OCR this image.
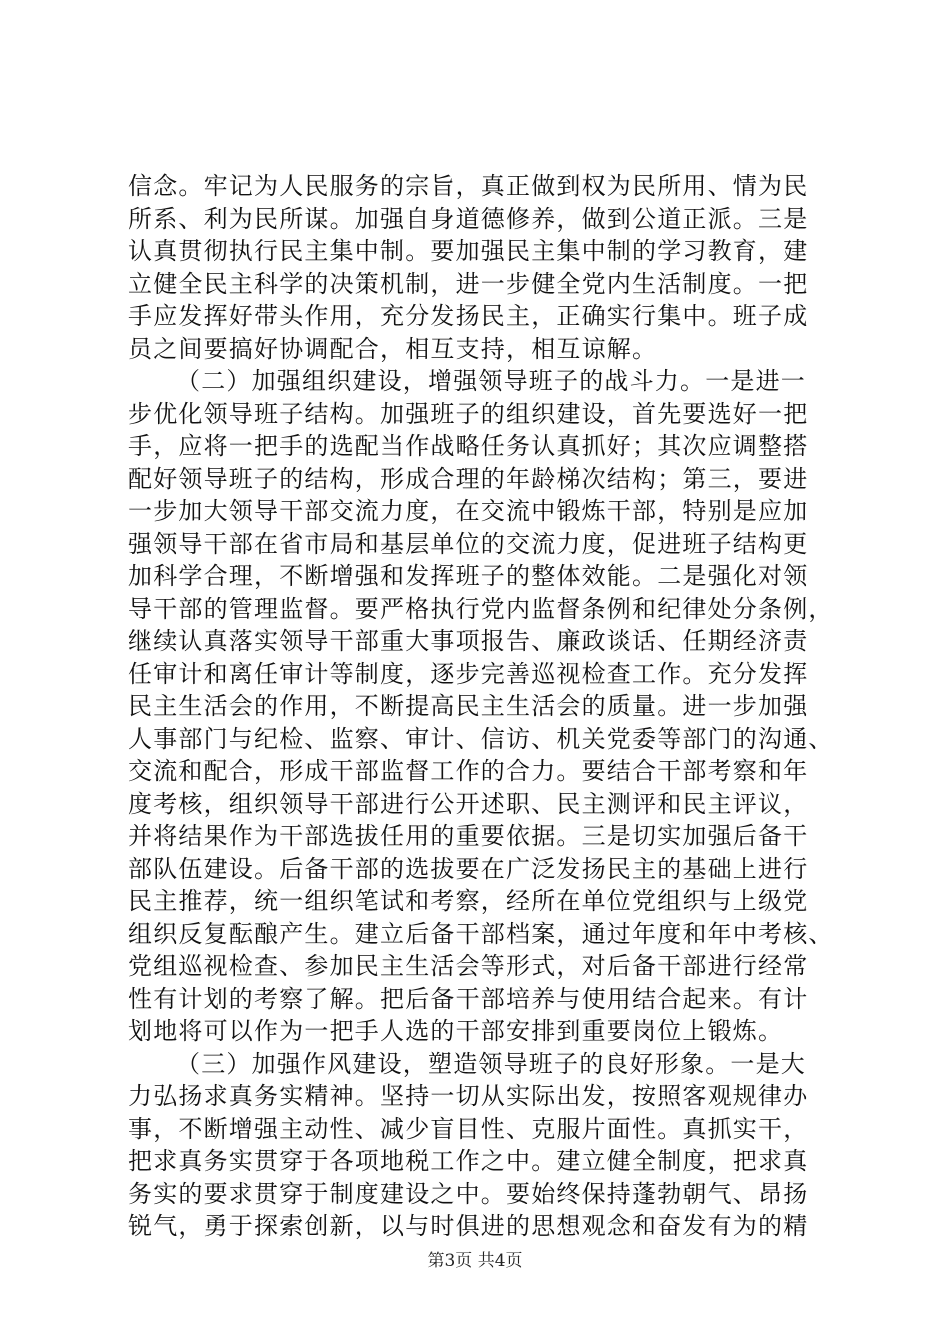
信念。牢记为人民服务的宗旨，真正做到权为民所用、情为民
所系、利为民所谋。加强自身道德修养，做到公道正派。三是
认真贯彻执行民主集中制。要加强民主集中制的学习教育，建
立健全民主科学的决策机制，进一步健全党内生活制度。一把
手应发挥好带头作用，充分发扬民主，正确实行集中。班子成
员之间要搞好协调配合，相互支持，相互谅解。
（二）加强组织建设，增强领导班子的战斗力。一是进一
步优化领导班子结构。加强班子的组织建设，首先要选好一把
手，应将一把手的选配当作战略任务认真抓好；其次应调整搭
配好领导班子的结构，形成合理的年龄梯次结构；第三，要进
一步加大领导干部交流力度，在交流中锻炼干部，特别是应加
强领导干部在省市局和基层单位的交流力度，促进班子结构更
加科学合理，不断增强和发挥班子的整体效能。二是强化对领
导干部的管理监督。要严格执行党内监督条例和纪律处分条例，
继续认真落实领导干部重大事项报告、廉政谈话、任期经济责
任审计和离任审计等制度，逐步完善巡视检查工作。充分发挥
民主生活会的作用，不断提高民主生活会的质量。进一步加强
人事部门与纪检、监察、审计、信访、机关党委等部门的沟通、
交流和配合，形成干部监督工作的合力。要结合干部考察和年
度考核，组织领导干部进行公开述职、民主测评和民主评议，
并将结果作为干部选拔任用的重要依据。三是切实加强后备干
部队伍建设。后备干部的选拔要在广泛发扬民主的基础上进行
民主推荐，统一组织笔试和考察，经所在单位党组织与上级党
组织反复酝酿产生。建立后备干部档案，通过年度和年中考核、
党组巡视检查、参加民主生活会等形式，对后备干部进行经常
性有计划的考察了解。把后备干部培养与使用结合起来。有计
划地将可以作为一把手人选的干部安排到重要岗位上锻炼。
（三）加强作风建设，塑造领导班子的良好形象。一是大
力弘扬求真务实精神。坚持一切从实际出发，按照客观规律办
事，不断增强主动性、减少盲目性、克服片面性。真抓实干，
把求真务实贯穿于各项地税工作之中。建立健全制度，把求真
务实的要求贯穿于制度建设之中。要始终保持蓬勃朝气、昂扬
锐气，勇于探索创新，以与时俱进的思想观念和奋发有为的精
第3页 共4页
